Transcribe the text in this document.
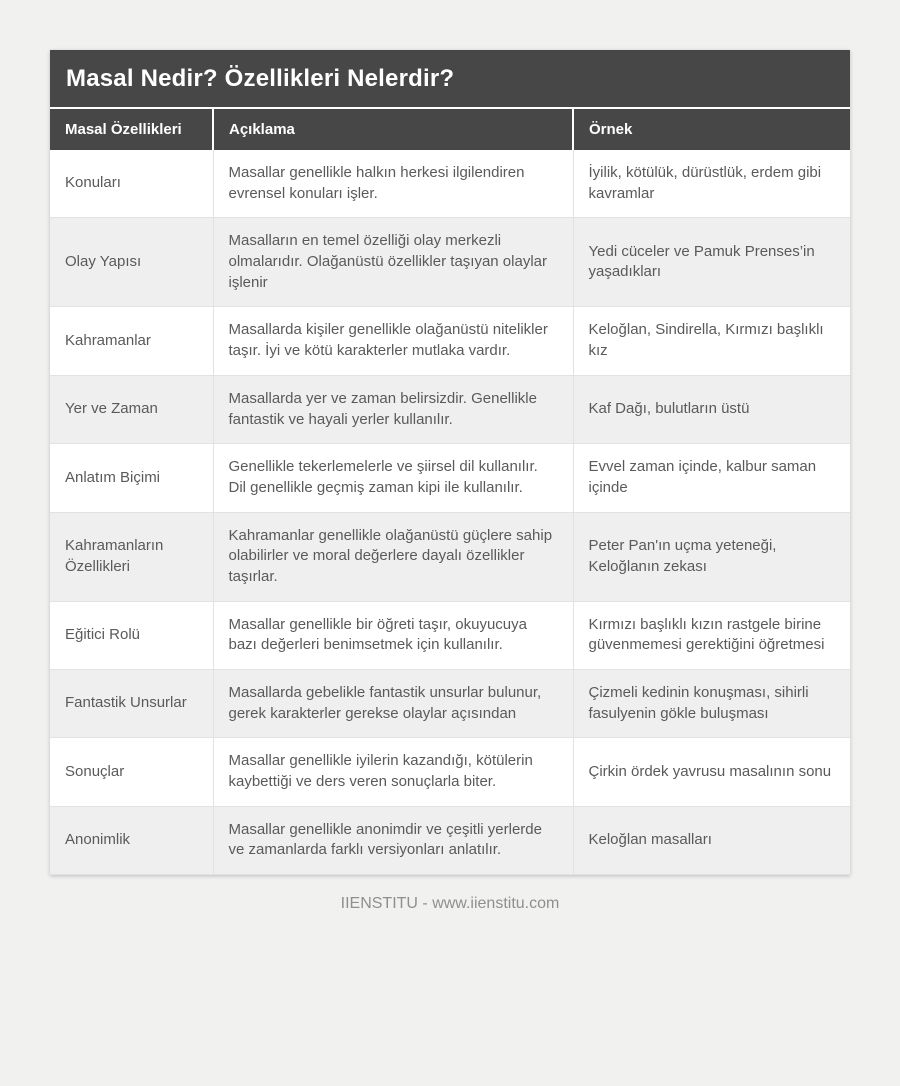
Masal Nedir? Özellikleri Nelerdir?
Masal Özellikleri	Açıklama	Örnek
Konuları	Masallar genellikle halkın herkesi ilgilendiren evrensel konuları işler.	İyilik, kötülük, dürüstlük, erdem gibi kavramlar
Olay Yapısı	Masalların en temel özelliği olay merkezli olmalarıdır. Olağanüstü özellikler taşıyan olaylar işlenir	Yedi cüceler ve Pamuk Prenses’in yaşadıkları
Kahramanlar	Masallarda kişiler genellikle olağanüstü nitelikler taşır. İyi ve kötü karakterler mutlaka vardır.	Keloğlan, Sindirella, Kırmızı başlıklı kız
Yer ve Zaman	Masallarda yer ve zaman belirsizdir. Genellikle fantastik ve hayali yerler kullanılır.	Kaf Dağı, bulutların üstü
Anlatım Biçimi	Genellikle tekerlemelerle ve şiirsel dil kullanılır. Dil genellikle geçmiş zaman kipi ile kullanılır.	Evvel zaman içinde, kalbur saman içinde
Kahramanların Özellikleri	Kahramanlar genellikle olağanüstü güçlere sahip olabilirler ve moral değerlere dayalı özellikler taşırlar.	Peter Pan'ın uçma yeteneği, Keloğlanın zekası
Eğitici Rolü	Masallar genellikle bir öğreti taşır, okuyucuya bazı değerleri benimsetmek için kullanılır.	Kırmızı başlıklı kızın rastgele birine güvenmemesi gerektiğini öğretmesi
Fantastik Unsurlar	Masallarda gebelikle fantastik unsurlar bulunur, gerek karakterler gerekse olaylar açısından	Çizmeli kedinin konuşması, sihirli fasulyenin gökle buluşması
Sonuçlar	Masallar genellikle iyilerin kazandığı, kötülerin kaybettiği ve ders veren sonuçlarla biter.	Çirkin ördek yavrusu masalının sonu
Anonimlik	Masallar genellikle anonimdir ve çeşitli yerlerde ve zamanlarda farklı versiyonları anlatılır.	Keloğlan masalları
IIENSTITU - www.iienstitu.com
